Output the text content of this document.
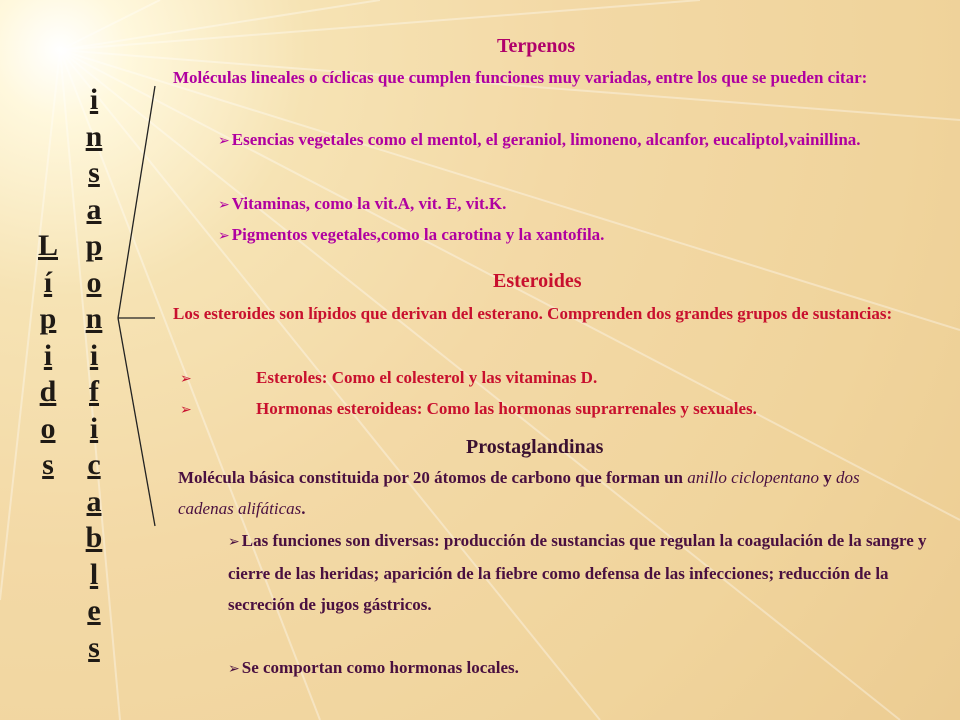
L
í
p
i
d
o
s
i
n
s
a
p
o
n
i
f
i
c
a
b
l
e
s
Terpenos
Moléculas lineales o cíclicas que cumplen funciones muy variadas, entre los que se pueden citar:
➢ Esencias vegetales como el mentol, el geraniol, limoneno, alcanfor, eucaliptol,vainillina.
➢ Vitaminas, como la vit.A, vit. E, vit.K.
➢ Pigmentos vegetales,como la carotina y la xantofila.
Esteroides
Los esteroides son lípidos que derivan del esterano. Comprenden dos grandes grupos de sustancias:
➢	Esteroles: Como el colesterol y las vitaminas D.
➢	Hormonas esteroideas: Como las hormonas suprarrenales y sexuales.
Prostaglandinas
Molécula básica constituida por 20 átomos de carbono que forman un anillo ciclopentano y dos cadenas alifáticas.
➢ Las funciones son diversas: producción de sustancias que regulan la coagulación de la sangre y cierre de las heridas; aparición de la fiebre como defensa de las infecciones; reducción de la secreción de jugos gástricos.
➢ Se comportan como hormonas locales.
